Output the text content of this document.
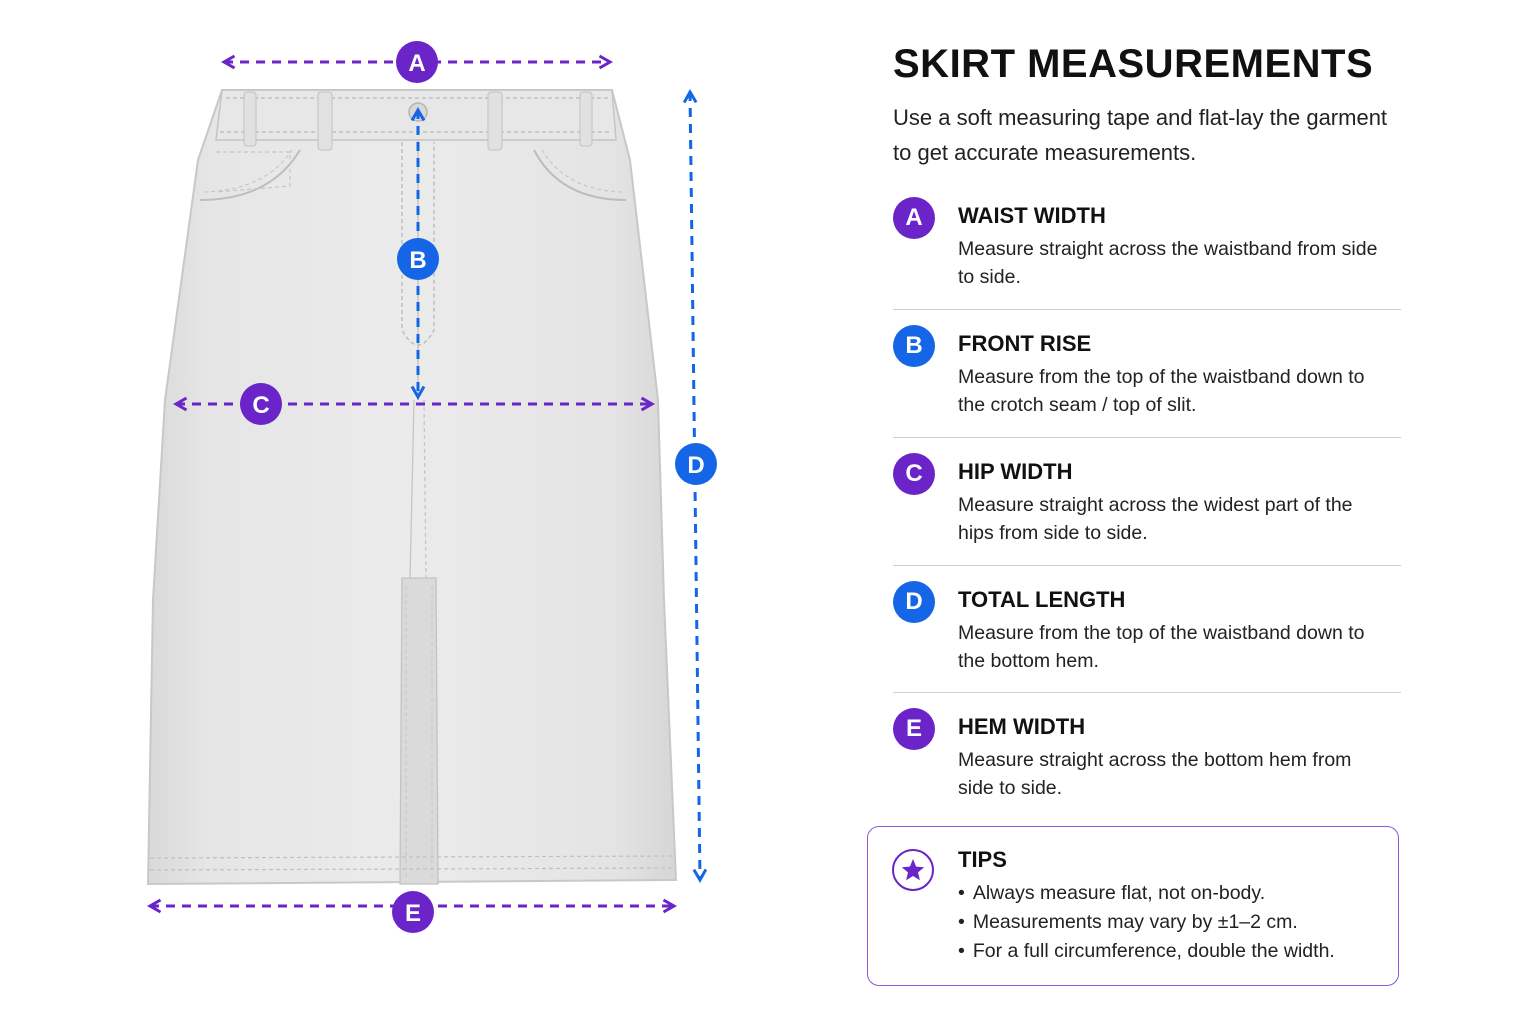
A
B
C
D
E
SKIRT MEASUREMENTS
Use a soft measuring tape and flat-lay the garment to get accurate measurements.
A	WAIST WIDTH
Measure straight across the waistband from side to side.
B	FRONT RISE
Measure from the top of the waistband down to the crotch seam / top of slit.
C	HIP WIDTH
Measure straight across the widest part of the hips from side to side.
D	TOTAL LENGTH
Measure from the top of the waistband down to the bottom hem.
E	HEM WIDTH
Measure straight across the bottom hem from side to side.
TIPS
• Always measure flat, not on-body.
• Measurements may vary by ±1–2 cm.
• For a full circumference, double the width.
